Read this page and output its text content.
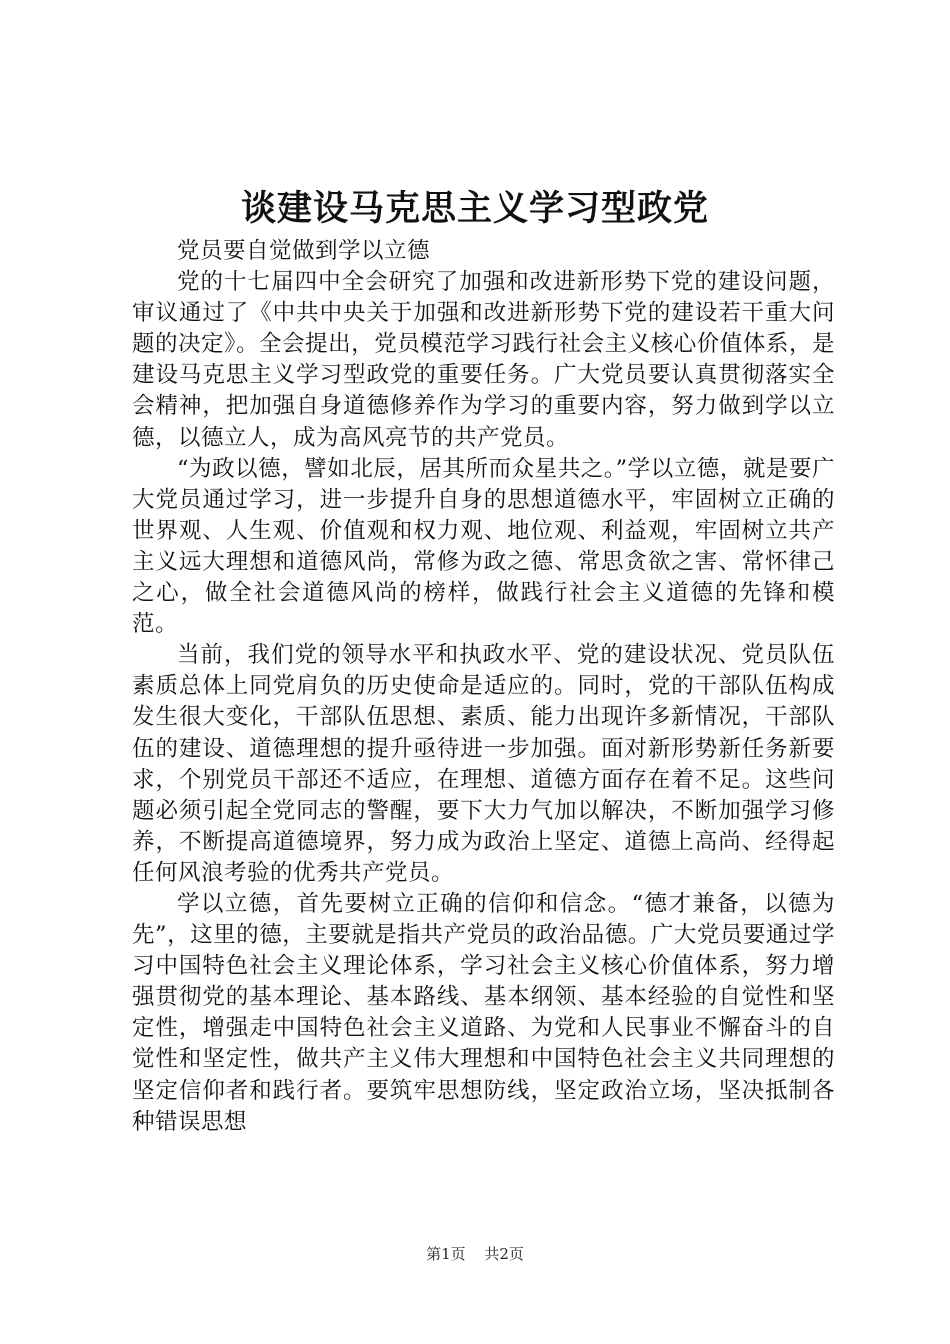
谈建设马克思主义学习型政党

党员要自觉做到学以立德

党的十七届四中全会研究了加强和改进新形势下党的建设问题，审议通过了《中共中央关于加强和改进新形势下党的建设若干重大问题的决定》。全会提出，党员模范学习践行社会主义核心价值体系，是建设马克思主义学习型政党的重要任务。广大党员要认真贯彻落实全会精神，把加强自身道德修养作为学习的重要内容，努力做到学以立德，以德立人，成为高风亮节的共产党员。

“为政以德，譬如北辰，居其所而众星共之。”学以立德，就是要广大党员通过学习，进一步提升自身的思想道德水平，牢固树立正确的世界观、人生观、价值观和权力观、地位观、利益观，牢固树立共产主义远大理想和道德风尚，常修为政之德、常思贪欲之害、常怀律己之心，做全社会道德风尚的榜样，做践行社会主义道德的先锋和模范。

当前，我们党的领导水平和执政水平、党的建设状况、党员队伍素质总体上同党肩负的历史使命是适应的。同时，党的干部队伍构成发生很大变化，干部队伍思想、素质、能力出现许多新情况，干部队伍的建设、道德理想的提升亟待进一步加强。面对新形势新任务新要求，个别党员干部还不适应，在理想、道德方面存在着不足。这些问题必须引起全党同志的警醒，要下大力气加以解决，不断加强学习修养，不断提高道德境界，努力成为政治上坚定、道德上高尚、经得起任何风浪考验的优秀共产党员。

学以立德，首先要树立正确的信仰和信念。“德才兼备，以德为先”，这里的德，主要就是指共产党员的政治品德。广大党员要通过学习中国特色社会主义理论体系，学习社会主义核心价值体系，努力增强贯彻党的基本理论、基本路线、基本纲领、基本经验的自觉性和坚定性，增强走中国特色社会主义道路、为党和人民事业不懈奋斗的自觉性和坚定性，做共产主义伟大理想和中国特色社会主义共同理想的坚定信仰者和践行者。要筑牢思想防线，坚定政治立场，坚决抵制各种错误思想

第1页 共2页
